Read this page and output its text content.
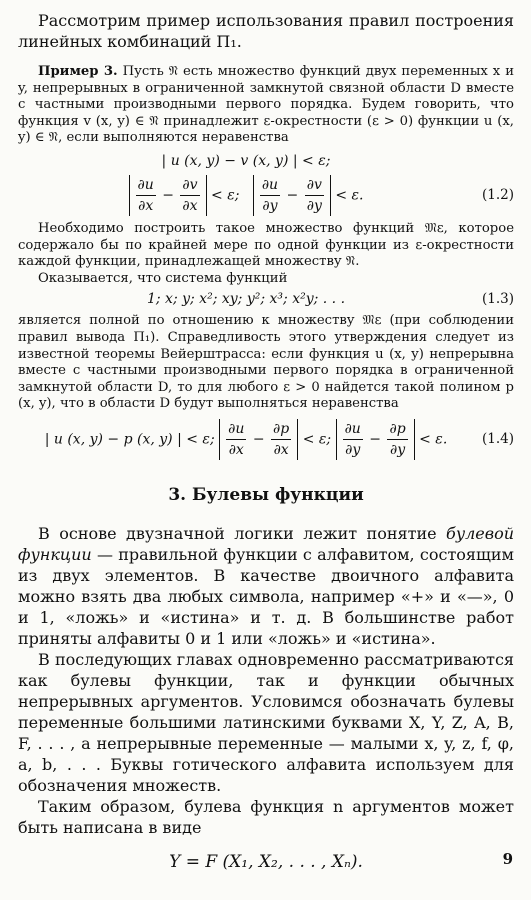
Рассмотрим пример использования правил построения линейных комбинаций П₁.

Пример 3. Пусть 𝔑 есть множество функций двух переменных x и y, непрерывных в ограниченной замкнутой связной области D вместе с частными производными первого порядка. Будем говорить, что функция v (x, y) ∈ 𝔑 принадлежит ε-окрестности (ε > 0) функции u (x, y) ∈ 𝔑, если выполняются неравенства

| u (x, y) − v (x, y) | < ε;
$\frac{\partial u}{\partial x} - \frac{\partial v}{\partial x} < \varepsilon$; $\frac{\partial u}{\partial y} - \frac{\partial v}{\partial y} < \varepsilon$.	(1.2)

Необходимо построить такое множество функций 𝔐ε, которое содержало бы по крайней мере по одной функции из ε-окрестности каждой функции, принадлежащей множеству 𝔑.

Оказывается, что система функций

1; x; y; x²; xy; y²; x³; x²y; . . .	(1.3)

является полной по отношению к множеству 𝔐ε (при соблюдении правил вывода П₁). Справедливость этого утверждения следует из известной теоремы Вейерштрасса: если функция u (x, y) непрерывна вместе с частными производными первого порядка в ограниченной замкнутой области D, то для любого ε > 0 найдется такой полином p (x, y), что в области D будут выполняться неравенства

| u (x, y) − p (x, y) | < ε; $\frac{\partial u}{\partial x} - \frac{\partial p}{\partial x} < \varepsilon$; $\frac{\partial u}{\partial y} - \frac{\partial p}{\partial y} < \varepsilon$.	(1.4)
3. Булевы функции

В основе двузначной логики лежит понятие булевой функции — правильной функции с алфавитом, состоящим из двух элементов. В качестве двоичного алфавита можно взять два любых символа, например «+» и «—», 0 и 1, «ложь» и «истина» и т. д. В большинстве работ приняты алфавиты 0 и 1 или «ложь» и «истина».

В последующих главах одновременно рассматриваются как булевы функции, так и функции обычных непрерывных аргументов. Условимся обозначать булевы переменные большими латинскими буквами X, Y, Z, A, B, F, . . . , а непрерывные переменные — малыми x, y, z, f, φ, a, b, . . . Буквы готического алфавита используем для обозначения множеств.

Таким образом, булева функция n аргументов может быть написана в виде

Y = F (X₁, X₂, . . . , Xₙ).	9
